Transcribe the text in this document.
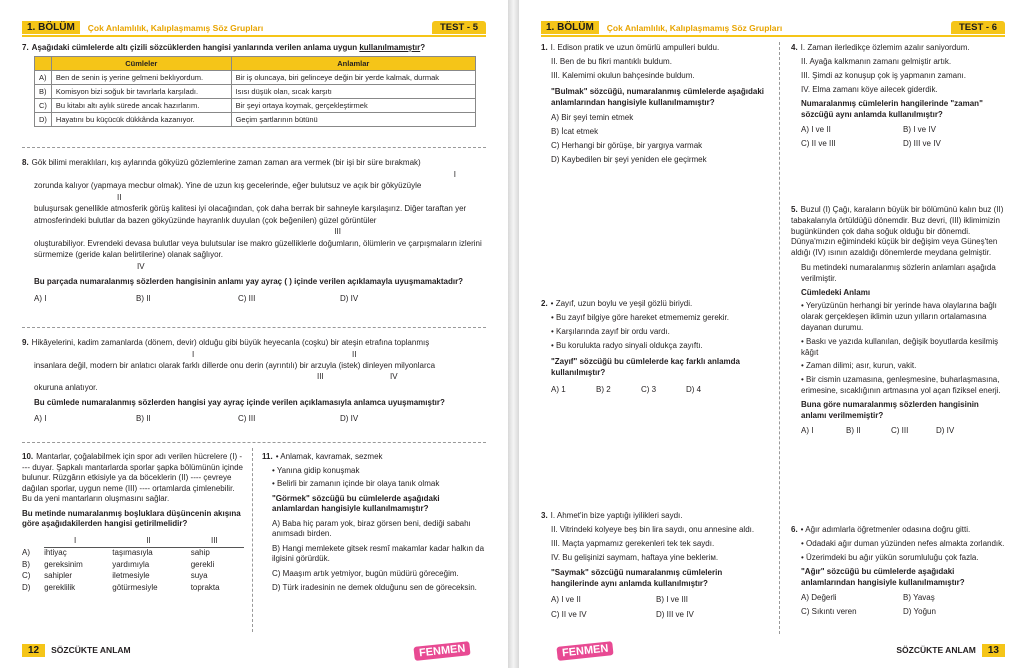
1. BÖLÜM	Çok Anlamlılık, Kalıplaşmamış Söz Grupları	TEST - 5
7. Aşağıdaki cümlelerde altı çizili sözcüklerden hangisi yanlarında verilen anlama uygun kullanılmamıştır?
	Cümleler	Anlamlar
A)	Ben de senin iş yerine gelmeni beklıyordum.	Bir iş oluncaya, biri gelinceye değin bir yerde kalmak, durmak
B)	Komisyon bizi soğuk bir tavırlarla karşıladı.	Isısı düşük olan, sıcak karşıtı
C)	Bu kitabı altı aylık sürede ancak hazırlarım.	Bir şeyi ortaya koymak, gerçekleştirmek
D)	Hayatını bu küçücük dükkânda kazanıyor.	Geçim şartlarının bütünü
8. Gök bilimi meraklıları, kış aylarında gökyüzü gözlemlerine zaman zaman ara vermek (bir işi bir süre bırakmak)
I
zorunda kalıyor (yapmaya mecbur olmak). Yine de uzun kış gecelerinde, eğer bulutsuz ve açık bir gökyüzüyle
II
buluşursak genellikle atmosferik görüş kalitesi iyi olacağından, çok daha berrak bir sahneyle karşılaşırız. Diğer taraftan yer atmosferindeki bulutlar da bazen gökyüzünde hayranlık duyulan (çok beğenilen) güzel görüntüler
III
oluşturabiliyor. Evrendeki devasa bulutlar veya bulutsular ise makro güzelliklerle doğumların, ölümlerin ve çarpışmaların izlerini sürmemize (geride kalan belirtilerine) olanak sağlıyor.
IV
Bu parçada numaralanmış sözlerden hangisinin anlamı yay ayraç ( ) içinde verilen açıklamayla uyuşmamaktadır?
A) I	B) II	C) III	D) IV
9. Hikâyelerini, kadim zamanlarda (dönem, devir) olduğu gibi büyük heyecanla (coşku) bir ateşin etrafına toplanmış
I	II
insanlara değil, modern bir anlatıcı olarak farklı dillerde onu derin (ayrıntılı) bir arzuyla (istek) dinleyen milyonlarca
III	IV
okuruna anlatıyor.
Bu cümlede numaralanmış sözlerden hangisi yay ayraç içinde verilen açıklamasıyla anlamca uyuşmamıştır?
A) I	B) II	C) III	D) IV
10. Mantarlar, çoğalabilmek için spor adı verilen hücrelere (I) ---- duyar. Şapkalı mantarlarda sporlar şapka bölümünün içinde bulunur. Rüzgârın etkisiyle ya da böceklerin (II) ---- çevreye dağılan sporlar, uygun neme (III) ---- ortamlarda çimlenebilir. Bu da yeni mantarların oluşmasını sağlar.
Bu metinde numaralanmış boşluklara düşüncenin akışına göre aşağıdakilerden hangisi getirilmelidir?
	I	II	III
A)	ihtiyaç	taşımasıyla	sahip
B)	gereksinim	yardımıyla	gerekli
C)	sahipler	iletmesiyle	suya
D)	gereklilik	götürmesiyle	toprakta
11. • Anlamak, kavramak, sezmek
• Yanına gidip konuşmak
• Belirli bir zamanın içinde bir olaya tanık olmak
"Görmek" sözcüğü bu cümlelerde aşağıdaki anlamlardan hangisiyle kullanılmamıştır?
A) Baba hiç param yok, biraz görsen beni, dediği sabahı anımsadı birden.
B) Hangi memlekete gitsek resmî makamlar kadar halkın da ilgisini görürdük.
C) Maaşım artık yetmiyor, bugün müdürü göreceğim.
D) Türk iradesinin ne demek olduğunu sen de göreceksin.
12	SÖZCÜKTE ANLAM	FENMEN
1. BÖLÜM	Çok Anlamlılık, Kalıplaşmamış Söz Grupları	TEST - 6
1. I. Edison pratik ve uzun ömürlü ampulleri buldu.
II. Ben de bu fikri mantıklı buldum.
III. Kalemimi okulun bahçesinde buldum.
"Bulmak" sözcüğü, numaralanmış cümlelerde aşağıdaki anlamlarından hangisiyle kullanılmamıştır?
A) Bir şeyi temin etmek
B) İcat etmek
C) Herhangi bir görüşe, bir yargıya varmak
D) Kaybedilen bir şeyi yeniden ele geçirmek
2. • Zayıf, uzun boylu ve yeşil gözlü biriydi.
• Bu zayıf bilgiye göre hareket etmememiz gerekir.
• Karşılarında zayıf bir ordu vardı.
• Bu korulukta radyo sinyali oldukça zayıftı.
"Zayıf" sözcüğü bu cümlelerde kaç farklı anlamda kullanılmıştır?
A) 1	B) 2	C) 3	D) 4
3. I. Ahmet'in bize yaptığı iyilikleri saydı.
II. Vitrindeki kolyeye beş bin lira saydı, onu annesine aldı.
III. Maçta yapmamız gerekenleri tek tek saydı.
IV. Bu gelişinizi saymam, haftaya yine bekleriм.
"Saymak" sözcüğü numaralanmış cümlelerin hangilerinde aynı anlamda kullanılmıştır?
A) I ve II	B) I ve III
C) II ve IV	D) III ve IV
4. I. Zaman ilerledikçe özlemim azalır saniyordum.
II. Ayağa kalkmanın zamanı gelmiştir artık.
III. Şimdi az konuşup çok iş yapmanın zamanı.
IV. Elma zamanı köye ailecek giderdik.
Numaralanmış cümlelerin hangilerinde "zaman" sözcüğü aynı anlamda kullanılmıştır?
A) I ve II	B) I ve IV
C) II ve III	D) III ve IV
5. Buzul (I) Çağı, karaların büyük bir bölümünü kalın buz (II) tabakalarıyla örtüldüğü dönemdir. Buz devri, (III) iklimimizin bugünkünden çok daha soğuk olduğu bir dönemdi. Dünya'mızın eğimindeki küçük bir değişim veya Güneş'ten aldığı (IV) ısının azaldığı dönemlerde meydana gelmiştir.
Bu metindeki numaralanmış sözlerin anlamları aşağıda verilmiştir.
Cümledeki Anlamı
• Yeryüzünün herhangi bir yerinde hava olaylarına bağlı olarak gerçekleşen iklimin uzun yılların ortalamasına dayanan durumu.
• Baskı ve yazıda kullanılan, değişik boyutlarda kesilmiş kâğıt
• Zaman dilimi; asır, kurun, vakit.
• Bir cismin uzamasına, genleşmesine, buharlaşmasına, erimesine, sıcaklığının artmasına yol açan fiziksel enerji.
Buna göre numaralanmış sözlerden hangisinin anlamı verilmemiştir?
A) I	B) II	C) III	D) IV
6. • Ağır adımlarla öğretmenler odasına doğru gitti.
• Odadaki ağır duman yüzünden nefes almakta zorlandık.
• Üzerimdeki bu ağır yükün sorumluluğu çok fazla.
"Ağır" sözcüğü bu cümlelerde aşağıdaki anlamlarından hangisiyle kullanılmamıştır?
A) Değerli	B) Yavaş
C) Sıkıntı veren	D) Yoğun
SÖZCÜKTE ANLAM	13
FENMEN
